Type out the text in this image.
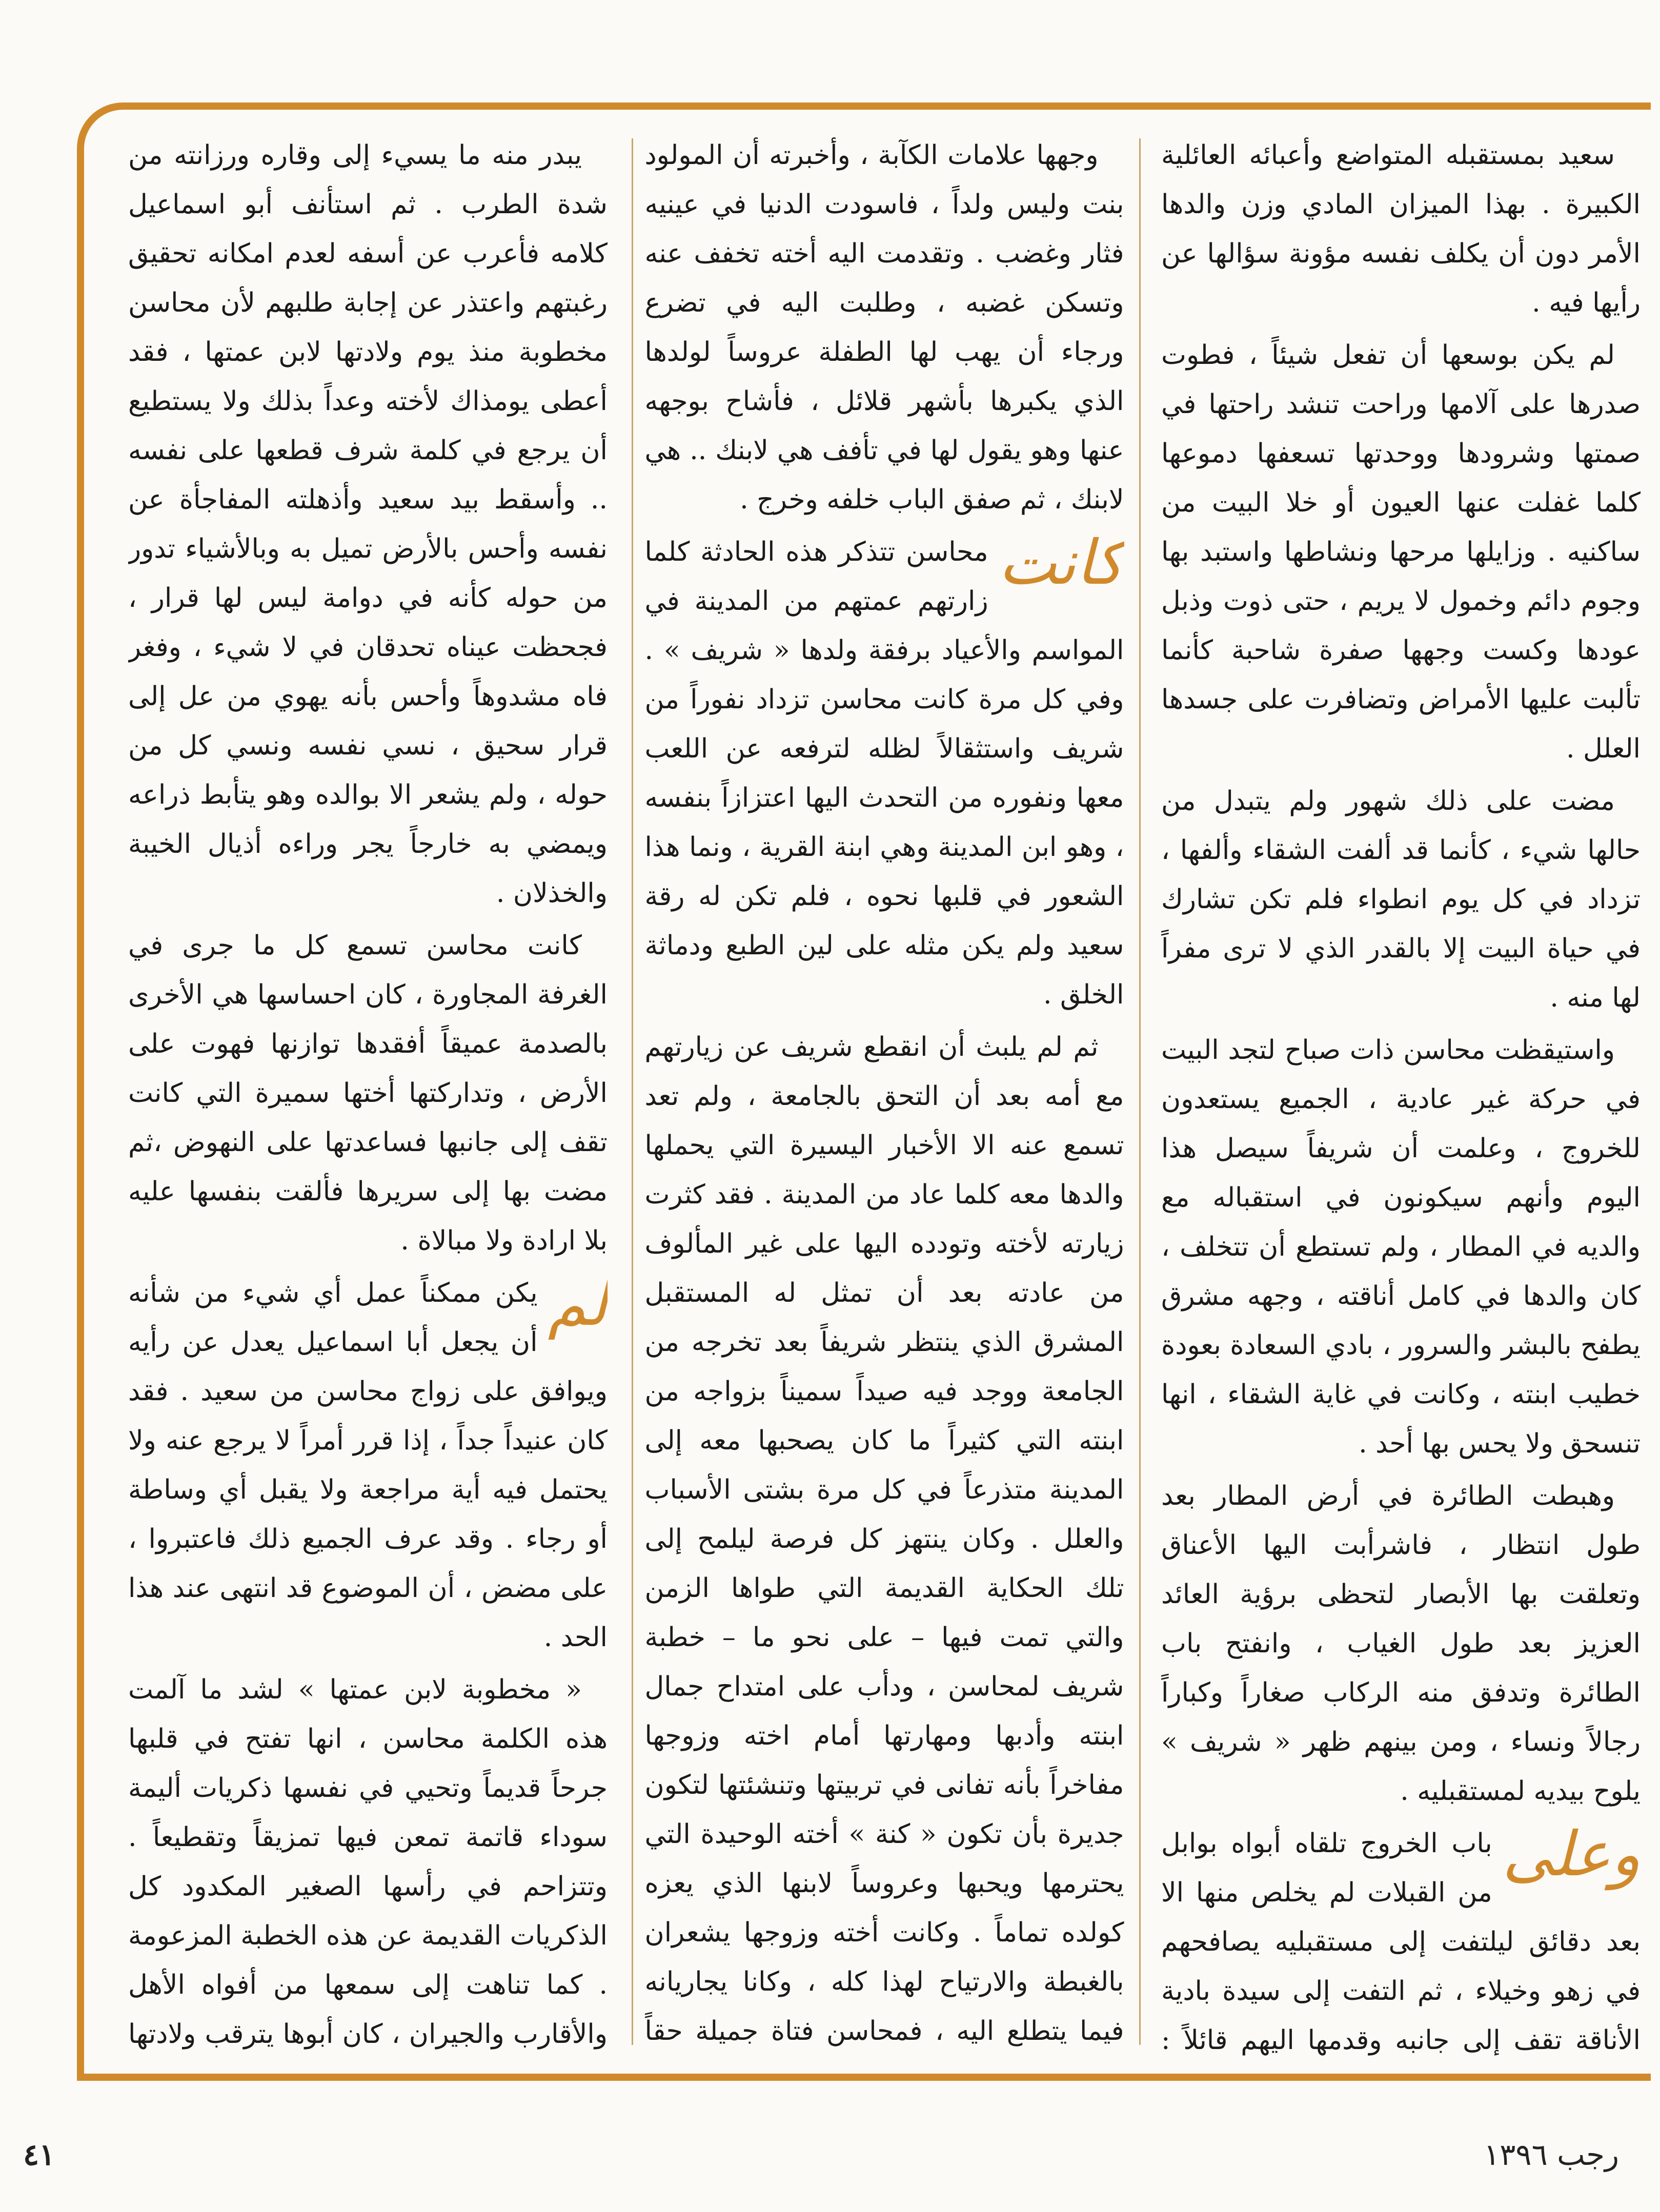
يبدر منه ما يسيء إلى وقاره ورزانته من شدة الطرب . ثم استأنف أبو اسماعيل كلامه فأعرب عن أسفه لعدم امكانه تحقيق رغبتهم واعتذر عن إجابة طلبهم لأن محاسن مخطوبة منذ يوم ولادتها لابن عمتها ، فقد أعطى يومذاك لأخته وعداً بذلك ولا يستطيع أن يرجع في كلمة شرف قطعها على نفسه .. وأسقط بيد سعيد وأذهلته المفاجأة عن نفسه وأحس بالأرض تميل به وبالأشياء تدور من حوله كأنه في دوامة ليس لها قرار ، فجحظت عيناه تحدقان في لا شيء ، وفغر فاه مشدوهاً وأحس بأنه يهوي من عل إلى قرار سحيق ، نسي نفسه ونسي كل من حوله ، ولم يشعر الا بوالده وهو يتأبط ذراعه ويمضي به خارجاً يجر وراءه أذيال الخيبة والخذلان .

كانت محاسن تسمع كل ما جرى في الغرفة المجاورة ، كان احساسها هي الأخرى بالصدمة عميقاً أفقدها توازنها فهوت على الأرض ، وتداركتها أختها سميرة التي كانت تقف إلى جانبها فساعدتها على النهوض ،ثم مضت بها إلى سريرها فألقت بنفسها عليه بلا ارادة ولا مبالاة .

لم
يكن ممكناً عمل أي شيء من شأنه أن يجعل أبا اسماعيل يعدل عن رأيه ويوافق على زواج محاسن من سعيد . فقد كان عنيداً جداً ، إذا قرر أمراً لا يرجع عنه ولا يحتمل فيه أية مراجعة ولا يقبل أي وساطة أو رجاء . وقد عرف الجميع ذلك فاعتبروا ، على مضض ، أن الموضوع قد انتهى عند هذا الحد .

« مخطوبة لابن عمتها » لشد ما آلمت هذه الكلمة محاسن ، انها تفتح في قلبها جرحاً قديماً وتحيي في نفسها ذكريات أليمة سوداء قاتمة تمعن فيها تمزيقاً وتقطيعاً . وتتزاحم في رأسها الصغير المكدود كل الذكريات القديمة عن هذه الخطبة المزعومة . كما تناهت إلى سمعها من أفواه الأهل والأقارب والجيران ، كان أبوها يترقب ولادتها

وجهها علامات الكآبة ، وأخبرته أن المولود بنت وليس ولداً ، فاسودت الدنيا في عينيه فثار وغضب . وتقدمت اليه أخته تخفف عنه وتسكن غضبه ، وطلبت اليه في تضرع ورجاء أن يهب لها الطفلة عروساً لولدها الذي يكبرها بأشهر قلائل ، فأشاح بوجهه عنها وهو يقول لها في تأفف هي لابنك .. هي لابنك ، ثم صفق الباب خلفه وخرج .

كانت
محاسن تتذكر هذه الحادثة كلما زارتهم عمتهم من المدينة في المواسم والأعياد برفقة ولدها « شريف » . وفي كل مرة كانت محاسن تزداد نفوراً من شريف واستثقالاً لظله لترفعه عن اللعب معها ونفوره من التحدث اليها اعتزازاً بنفسه ، وهو ابن المدينة وهي ابنة القرية ، ونما هذا الشعور في قلبها نحوه ، فلم تكن له رقة سعيد ولم يكن مثله على لين الطبع ودماثة الخلق .

ثم لم يلبث أن انقطع شريف عن زيارتهم مع أمه بعد أن التحق بالجامعة ، ولم تعد تسمع عنه الا الأخبار اليسيرة التي يحملها والدها معه كلما عاد من المدينة . فقد كثرت زيارته لأخته وتودده اليها على غير المألوف من عادته بعد أن تمثل له المستقبل المشرق الذي ينتظر شريفاً بعد تخرجه من الجامعة ووجد فيه صيداً سميناً بزواجه من ابنته التي كثيراً ما كان يصحبها معه إلى المدينة متذرعاً في كل مرة بشتى الأسباب والعلل . وكان ينتهز كل فرصة ليلمح إلى تلك الحكاية القديمة التي طواها الزمن والتي تمت فيها – على نحو ما – خطبة شريف لمحاسن ، ودأب على امتداح جمال ابنته وأدبها ومهارتها أمام اخته وزوجها مفاخراً بأنه تفانى في تربيتها وتنشئتها لتكون جديرة بأن تكون « كنة » أخته الوحيدة التي يحترمها ويحبها وعروساً لابنها الذي يعزه كولده تماماً . وكانت أخته وزوجها يشعران بالغبطة والارتياح لهذا كله ، وكانا يجاريانه فيما يتطلع اليه ، فمحاسن فتاة جميلة حقاً

سعيد بمستقبله المتواضع وأعبائه العائلية الكبيرة . بهذا الميزان المادي وزن والدها الأمر دون أن يكلف نفسه مؤونة سؤالها عن رأيها فيه .

لم يكن بوسعها أن تفعل شيئاً ، فطوت صدرها على آلامها وراحت تنشد راحتها في صمتها وشرودها ووحدتها تسعفها دموعها كلما غفلت عنها العيون أو خلا البيت من ساكنيه . وزايلها مرحها ونشاطها واستبد بها وجوم دائم وخمول لا يريم ، حتى ذوت وذبل عودها وكست وجهها صفرة شاحبة كأنما تألبت عليها الأمراض وتضافرت على جسدها العلل .

مضت على ذلك شهور ولم يتبدل من حالها شيء ، كأنما قد ألفت الشقاء وألفها ، تزداد في كل يوم انطواء فلم تكن تشارك في حياة البيت إلا بالقدر الذي لا ترى مفراً لها منه .

واستيقظت محاسن ذات صباح لتجد البيت في حركة غير عادية ، الجميع يستعدون للخروج ، وعلمت أن شريفاً سيصل هذا اليوم وأنهم سيكونون في استقباله مع والديه في المطار ، ولم تستطع أن تتخلف ، كان والدها في كامل أناقته ، وجهه مشرق يطفح بالبشر والسرور ، بادي السعادة بعودة خطيب ابنته ، وكانت في غاية الشقاء ، انها تنسحق ولا يحس بها أحد .

وهبطت الطائرة في أرض المطار بعد طول انتظار ، فاشرأبت اليها الأعناق وتعلقت بها الأبصار لتحظى برؤية العائد العزيز بعد طول الغياب ، وانفتح باب الطائرة وتدفق منه الركاب صغاراً وكباراً رجالاً ونساء ، ومن بينهم ظهر « شريف » يلوح بيديه لمستقبليه .

وعلى
باب الخروج تلقاه أبواه بوابل من القبلات لم يخلص منها الا بعد دقائق ليلتفت إلى مستقبليه يصافحهم في زهو وخيلاء ، ثم التفت إلى سيدة بادية الأناقة تقف إلى جانبه وقدمها اليهم قائلاً :

٤١	رجب ١٣٩٦
